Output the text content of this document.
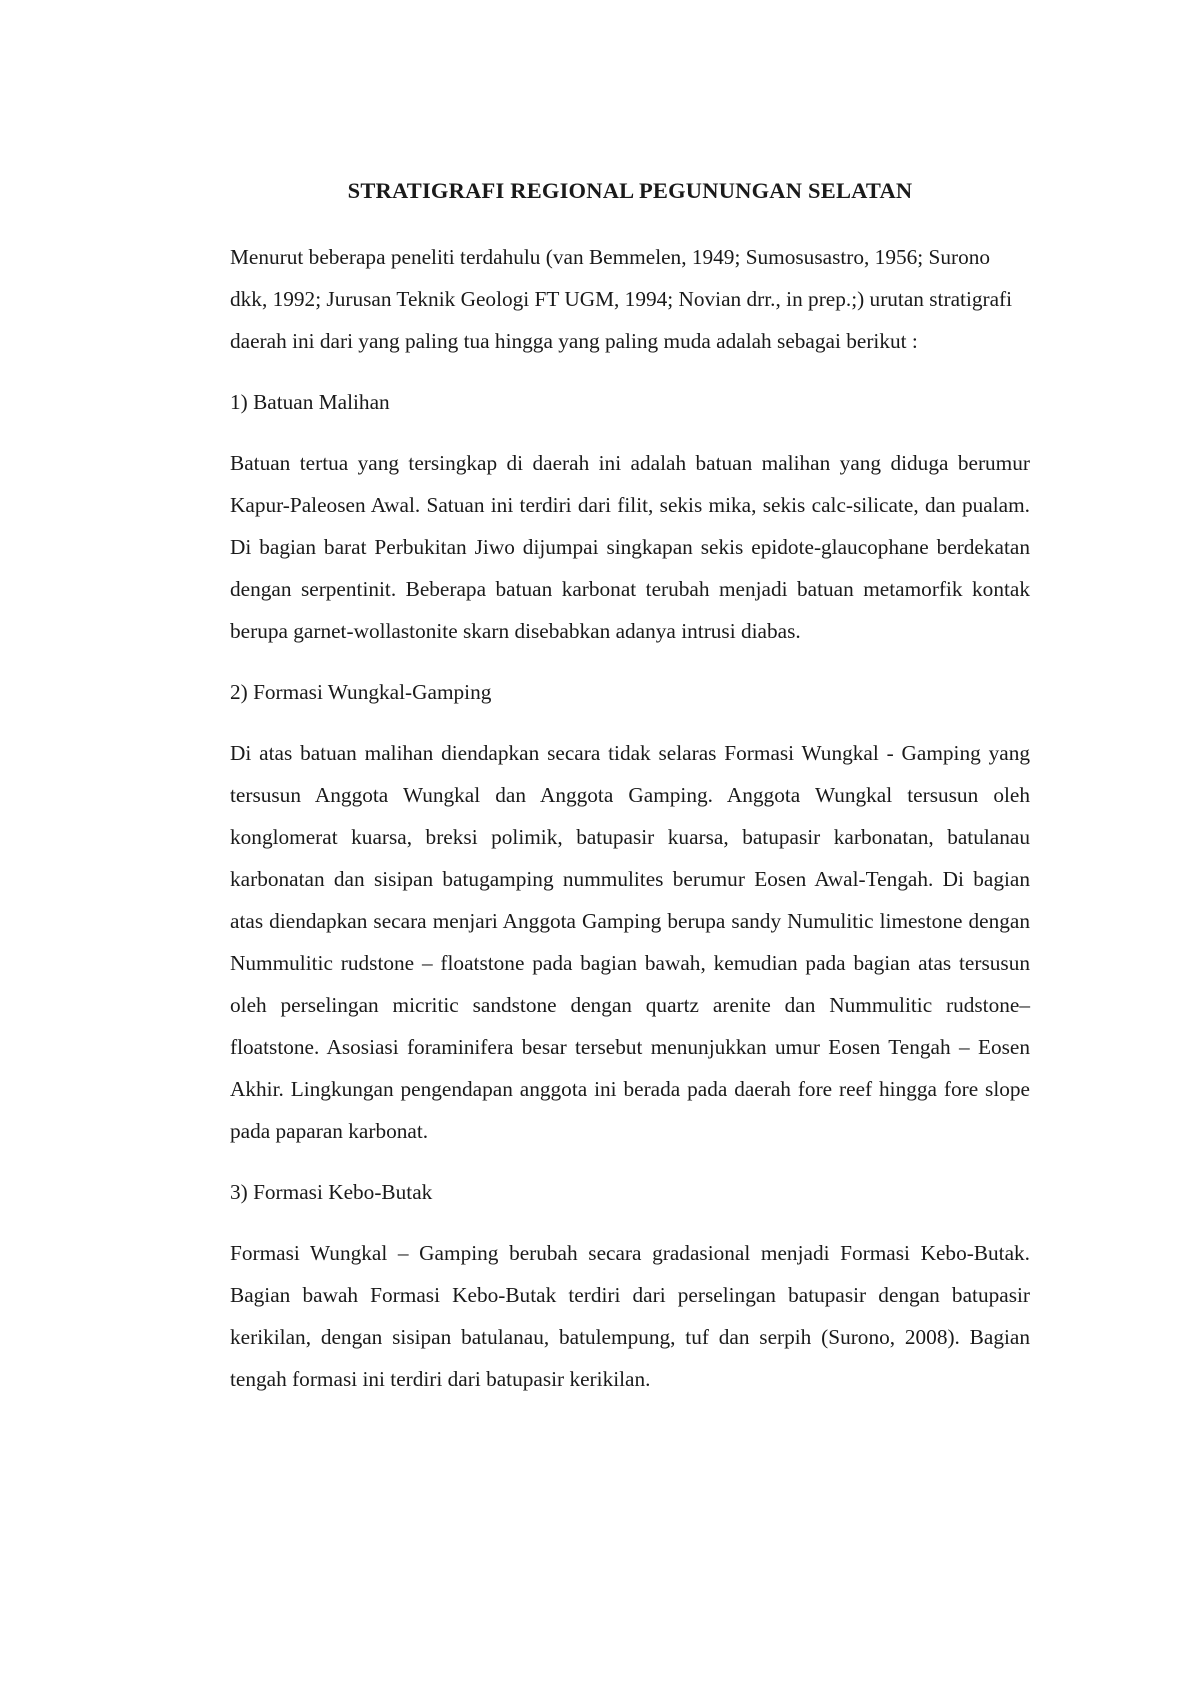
STRATIGRAFI REGIONAL PEGUNUNGAN SELATAN

Menurut beberapa peneliti terdahulu (van Bemmelen, 1949; Sumosusastro, 1956; Surono dkk, 1992; Jurusan Teknik Geologi FT UGM, 1994; Novian drr., in prep.;) urutan stratigrafi daerah ini dari yang paling tua hingga yang paling muda adalah sebagai berikut :

1) Batuan Malihan

Batuan tertua yang tersingkap di daerah ini adalah batuan malihan yang diduga berumur Kapur-Paleosen Awal. Satuan ini terdiri dari filit, sekis mika, sekis calc-silicate, dan pualam. Di bagian barat Perbukitan Jiwo dijumpai singkapan sekis epidote-glaucophane berdekatan dengan serpentinit. Beberapa batuan karbonat terubah menjadi batuan metamorfik kontak berupa garnet-wollastonite skarn disebabkan adanya intrusi diabas.

2) Formasi Wungkal-Gamping

Di atas batuan malihan diendapkan secara tidak selaras Formasi Wungkal - Gamping yang tersusun Anggota Wungkal dan Anggota Gamping. Anggota Wungkal tersusun oleh konglomerat kuarsa, breksi polimik, batupasir kuarsa, batupasir karbonatan, batulanau karbonatan dan sisipan batugamping nummulites berumur Eosen Awal-Tengah. Di bagian atas diendapkan secara menjari Anggota Gamping berupa sandy Numulitic limestone dengan Nummulitic rudstone – floatstone pada bagian bawah, kemudian pada bagian atas tersusun oleh perselingan micritic sandstone dengan quartz arenite dan Nummulitic rudstone–floatstone. Asosiasi foraminifera besar tersebut menunjukkan umur Eosen Tengah – Eosen Akhir. Lingkungan pengendapan anggota ini berada pada daerah fore reef hingga fore slope pada paparan karbonat.

3) Formasi Kebo-Butak

Formasi Wungkal – Gamping berubah secara gradasional menjadi Formasi Kebo-Butak. Bagian bawah Formasi Kebo-Butak terdiri dari perselingan batupasir dengan batupasir kerikilan, dengan sisipan batulanau, batulempung, tuf dan serpih (Surono, 2008). Bagian tengah formasi ini terdiri dari batupasir kerikilan.
